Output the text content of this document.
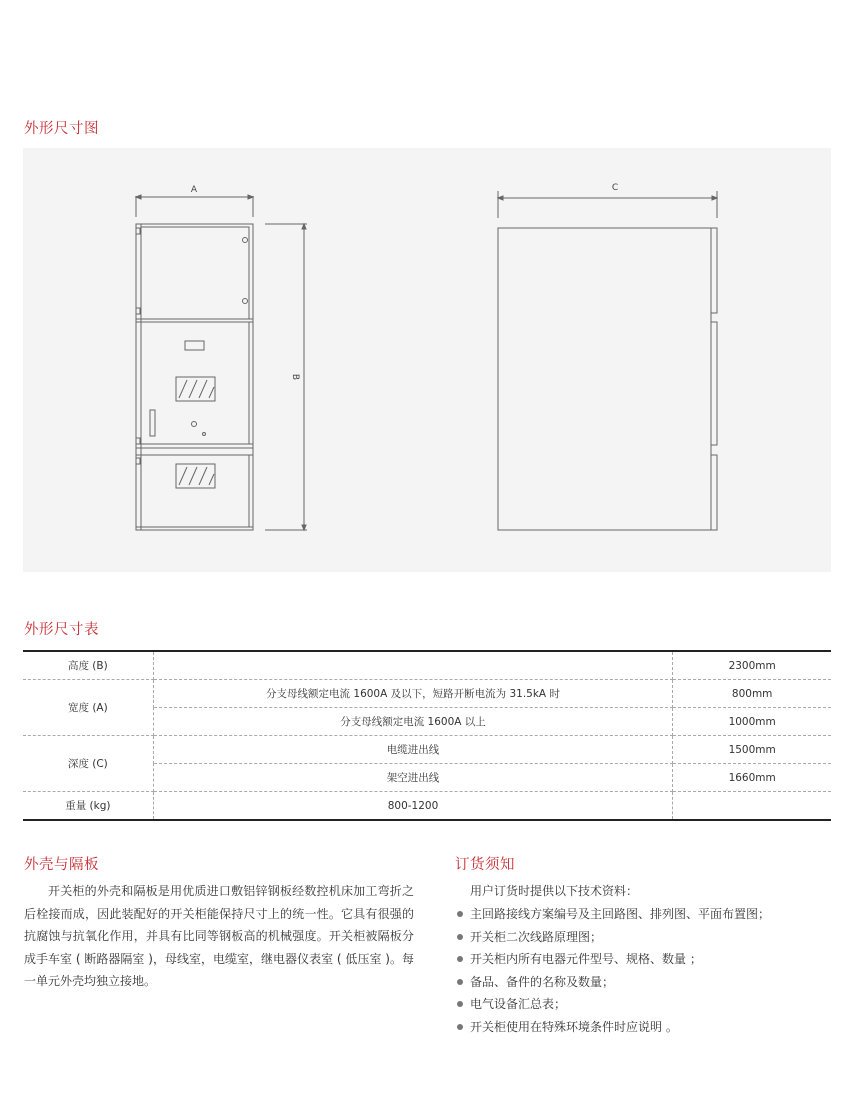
外形尺寸图
A
B
C
外形尺寸表
高度 (B)		2300mm
宽度 (A)	分支母线额定电流 1600A 及以下，短路开断电流为 31.5kA 时	800mm
	分支母线额定电流 1600A 以上	1000mm
深度 (C)	电缆进出线	1500mm
	架空进出线	1660mm
重量 (kg)	800-1200	
外壳与隔板

开关柜的外壳和隔板是用优质进口敷铝锌钢板经数控机床加工弯折之后栓接而成，因此装配好的开关柜能保持尺寸上的统一性。它具有很强的抗腐蚀与抗氧化作用，并具有比同等钢板高的机械强度。开关柜被隔板分成手车室 ( 断路器隔室 )，母线室，电缆室，继电器仪表室 ( 低压室 )。每一单元外壳均独立接地。

订货须知

用户订货时提供以下技术资料：

主回路接线方案编号及主回路图、排列图、平面布置图；
开关柜二次线路原理图；
开关柜内所有电器元件型号、规格、数量 ；
备品、备件的名称及数量；
电气设备汇总表；
开关柜使用在特殊环境条件时应说明 。
